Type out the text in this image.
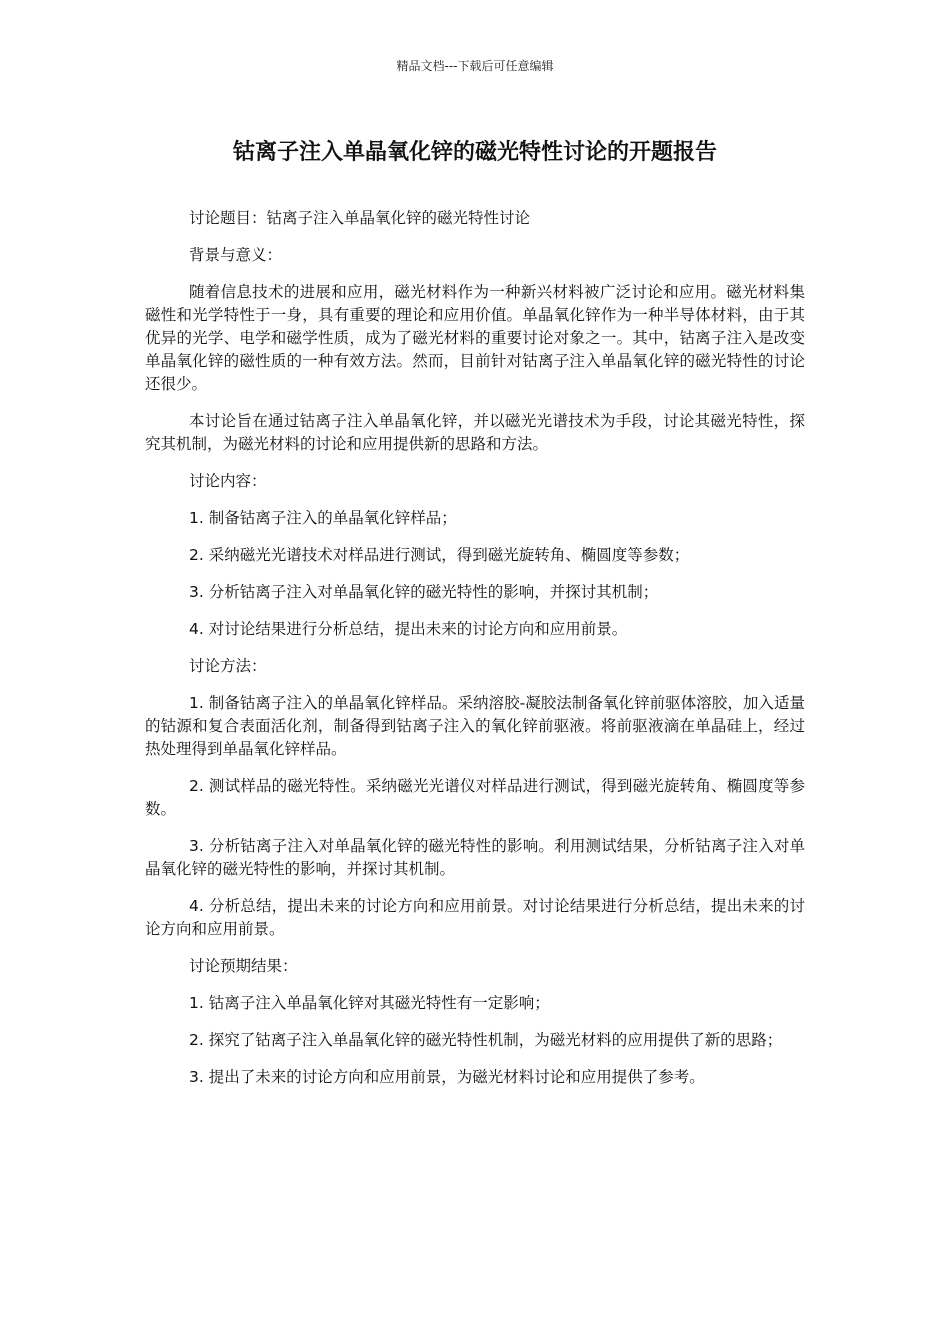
精品文档---下载后可任意编辑
钴离子注入单晶氧化锌的磁光特性讨论的开题报告

讨论题目：钴离子注入单晶氧化锌的磁光特性讨论

背景与意义：

随着信息技术的进展和应用，磁光材料作为一种新兴材料被广泛讨论和应用。磁光材料集磁性和光学特性于一身，具有重要的理论和应用价值。单晶氧化锌作为一种半导体材料，由于其优异的光学、电学和磁学性质，成为了磁光材料的重要讨论对象之一。其中，钴离子注入是改变单晶氧化锌的磁性质的一种有效方法。然而，目前针对钴离子注入单晶氧化锌的磁光特性的讨论还很少。

本讨论旨在通过钴离子注入单晶氧化锌，并以磁光光谱技术为手段，讨论其磁光特性，探究其机制，为磁光材料的讨论和应用提供新的思路和方法。

讨论内容：

1. 制备钴离子注入的单晶氧化锌样品；

2. 采纳磁光光谱技术对样品进行测试，得到磁光旋转角、椭圆度等参数；

3. 分析钴离子注入对单晶氧化锌的磁光特性的影响，并探讨其机制；

4. 对讨论结果进行分析总结，提出未来的讨论方向和应用前景。

讨论方法：

1. 制备钴离子注入的单晶氧化锌样品。采纳溶胶-凝胶法制备氧化锌前驱体溶胶，加入适量的钴源和复合表面活化剂，制备得到钴离子注入的氧化锌前驱液。将前驱液滴在单晶硅上，经过热处理得到单晶氧化锌样品。

2. 测试样品的磁光特性。采纳磁光光谱仪对样品进行测试，得到磁光旋转角、椭圆度等参数。

3. 分析钴离子注入对单晶氧化锌的磁光特性的影响。利用测试结果，分析钴离子注入对单晶氧化锌的磁光特性的影响，并探讨其机制。

4. 分析总结，提出未来的讨论方向和应用前景。对讨论结果进行分析总结，提出未来的讨论方向和应用前景。

讨论预期结果：

1. 钴离子注入单晶氧化锌对其磁光特性有一定影响；

2. 探究了钴离子注入单晶氧化锌的磁光特性机制，为磁光材料的应用提供了新的思路；

3. 提出了未来的讨论方向和应用前景，为磁光材料讨论和应用提供了参考。
